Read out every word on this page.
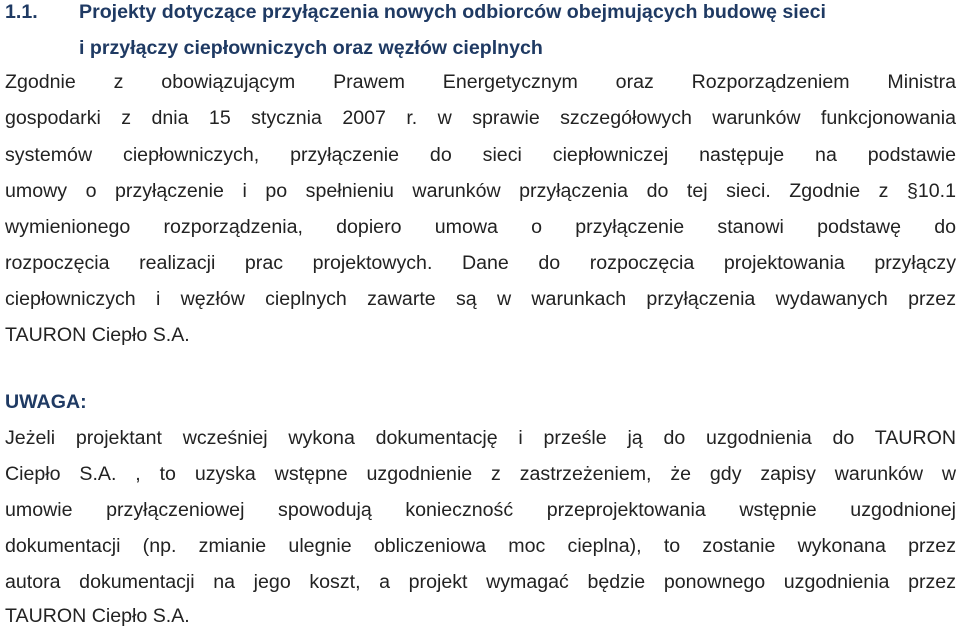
1.1. Projekty dotyczące przyłączenia nowych odbiorców obejmujących budowę sieci
i przyłączy ciepłowniczych oraz węzłów cieplnych
Zgodnie z obowiązującym Prawem Energetycznym oraz Rozporządzeniem Ministra
gospodarki z dnia 15 stycznia 2007 r. w sprawie szczegółowych warunków funkcjonowania
systemów ciepłowniczych, przyłączenie do sieci ciepłowniczej następuje na podstawie
umowy o przyłączenie i po spełnieniu warunków przyłączenia do tej sieci. Zgodnie z §10.1
wymienionego rozporządzenia, dopiero umowa o przyłączenie stanowi podstawę do
rozpoczęcia realizacji prac projektowych. Dane do rozpoczęcia projektowania przyłączy
ciepłowniczych i węzłów cieplnych zawarte są w warunkach przyłączenia wydawanych przez
TAURON Ciepło S.A.
UWAGA:
Jeżeli projektant wcześniej wykona dokumentację i prześle ją do uzgodnienia do TAURON
Ciepło S.A. , to uzyska wstępne uzgodnienie z zastrzeżeniem, że gdy zapisy warunków w
umowie przyłączeniowej spowodują konieczność przeprojektowania wstępnie uzgodnionej
dokumentacji (np. zmianie ulegnie obliczeniowa moc cieplna), to zostanie wykonana przez
autora dokumentacji na jego koszt, a projekt wymagać będzie ponownego uzgodnienia przez
TAURON Ciepło S.A.
